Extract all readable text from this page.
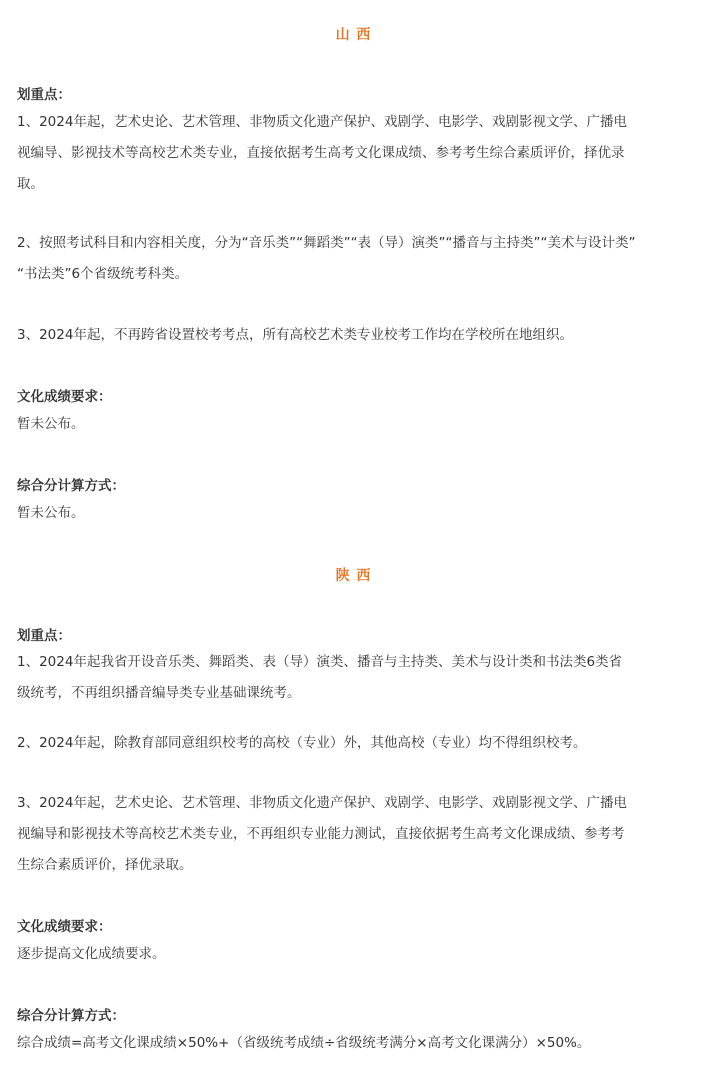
山 西
划重点：
1、2024年起，艺术史论、艺术管理、非物质文化遗产保护、戏剧学、电影学、戏剧影视文学、广播电
视编导、影视技术等高校艺术类专业，直接依据考生高考文化课成绩、参考考生综合素质评价，择优录
取。
2、按照考试科目和内容相关度，分为“音乐类”“舞蹈类”“表（导）演类”“播音与主持类”“美术与设计类”
“书法类”6个省级统考科类。
3、2024年起，不再跨省设置校考考点，所有高校艺术类专业校考工作均在学校所在地组织。
文化成绩要求：
暂未公布。
综合分计算方式：
暂未公布。
陕 西
划重点：
1、2024年起我省开设音乐类、舞蹈类、表（导）演类、播音与主持类、美术与设计类和书法类6类省
级统考，不再组织播音编导类专业基础课统考。
2、2024年起，除教育部同意组织校考的高校（专业）外，其他高校（专业）均不得组织校考。
3、2024年起，艺术史论、艺术管理、非物质文化遗产保护、戏剧学、电影学、戏剧影视文学、广播电
视编导和影视技术等高校艺术类专业，不再组织专业能力测试，直接依据考生高考文化课成绩、参考考
生综合素质评价，择优录取。
文化成绩要求：
逐步提高文化成绩要求。
综合分计算方式：
综合成绩=高考文化课成绩×50%+（省级统考成绩÷省级统考满分×高考文化课满分）×50%。
